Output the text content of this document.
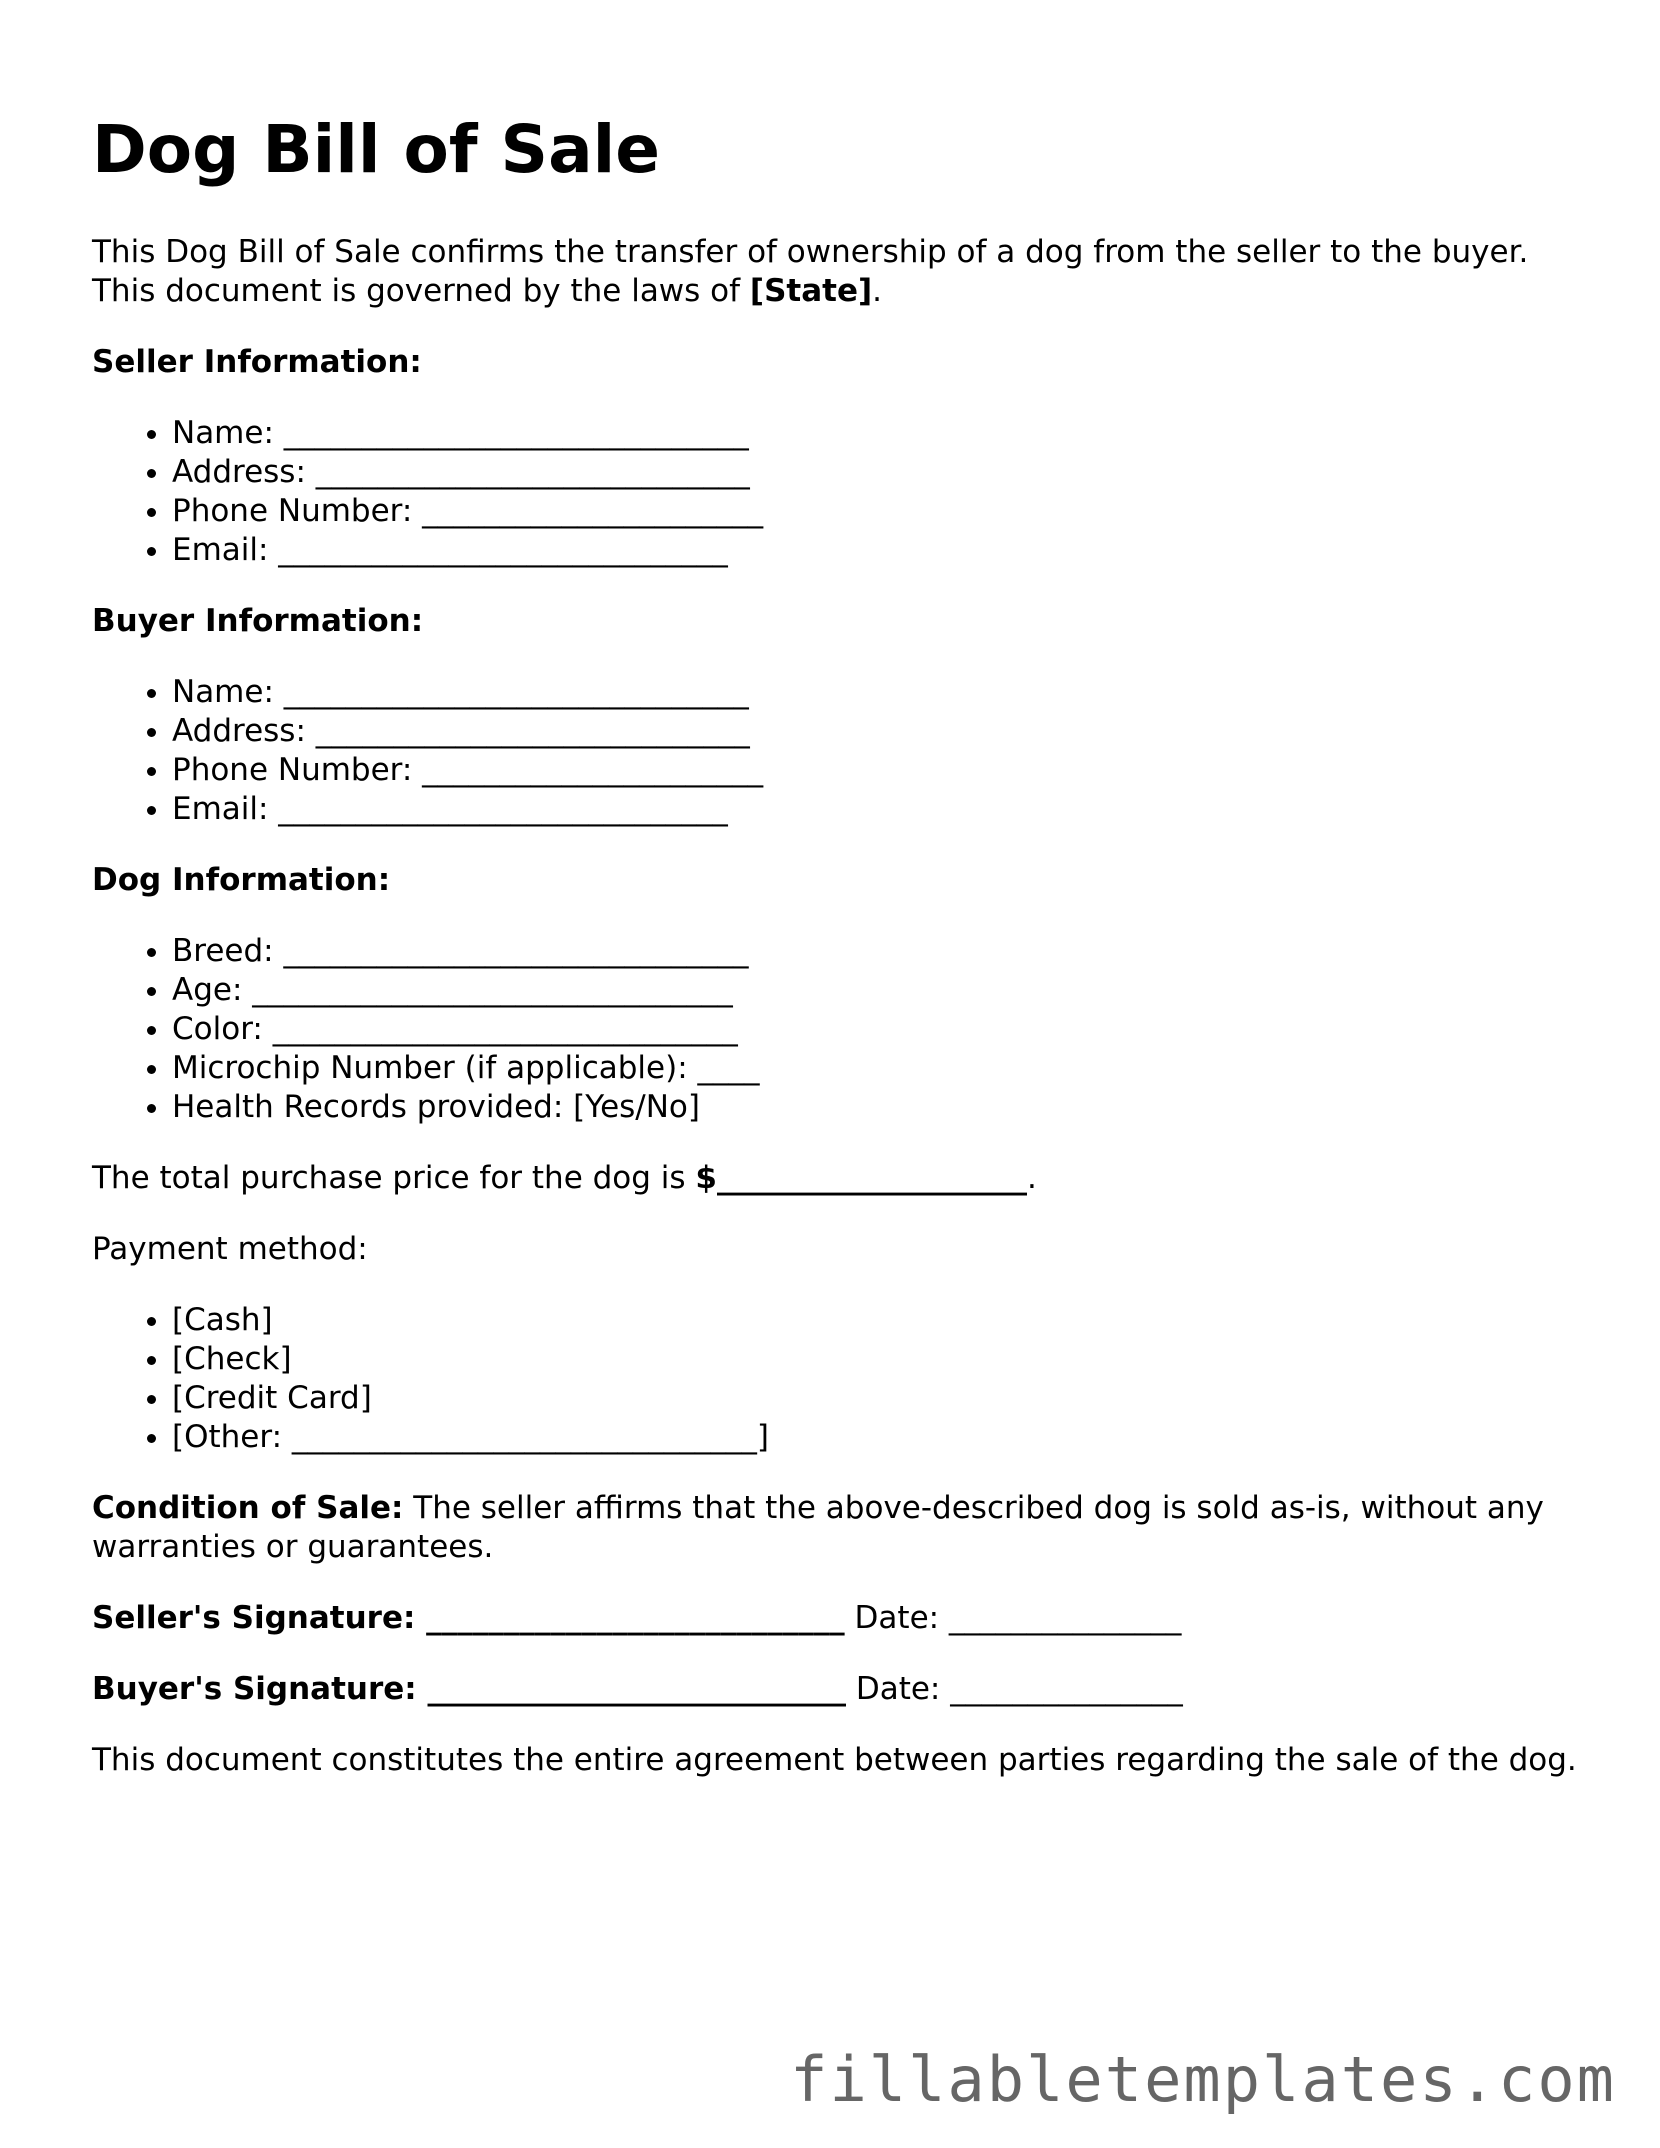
Dog Bill of Sale

This Dog Bill of Sale confirms the transfer of ownership of a dog from the seller to the buyer. This document is governed by the laws of [State].

Seller Information:
• Name: ______________________________
• Address: ____________________________
• Phone Number: ______________________
• Email: _____________________________
Buyer Information:
• Name: ______________________________
• Address: ____________________________
• Phone Number: ______________________
• Email: _____________________________
Dog Information:
• Breed: ______________________________
• Age: _______________________________
• Color: ______________________________
• Microchip Number (if applicable): ____
• Health Records provided: [Yes/No]

The total purchase price for the dog is $____________________.

Payment method:

• [Cash]
• [Check]
• [Credit Card]
• [Other: ______________________________]

Condition of Sale: The seller affirms that the above-described dog is sold as-is, without any warranties or guarantees.

Seller's Signature: ___________________________ Date: _______________
Buyer's Signature: ___________________________ Date: _______________

This document constitutes the entire agreement between parties regarding the sale of the dog.

fillabletemplates.com
